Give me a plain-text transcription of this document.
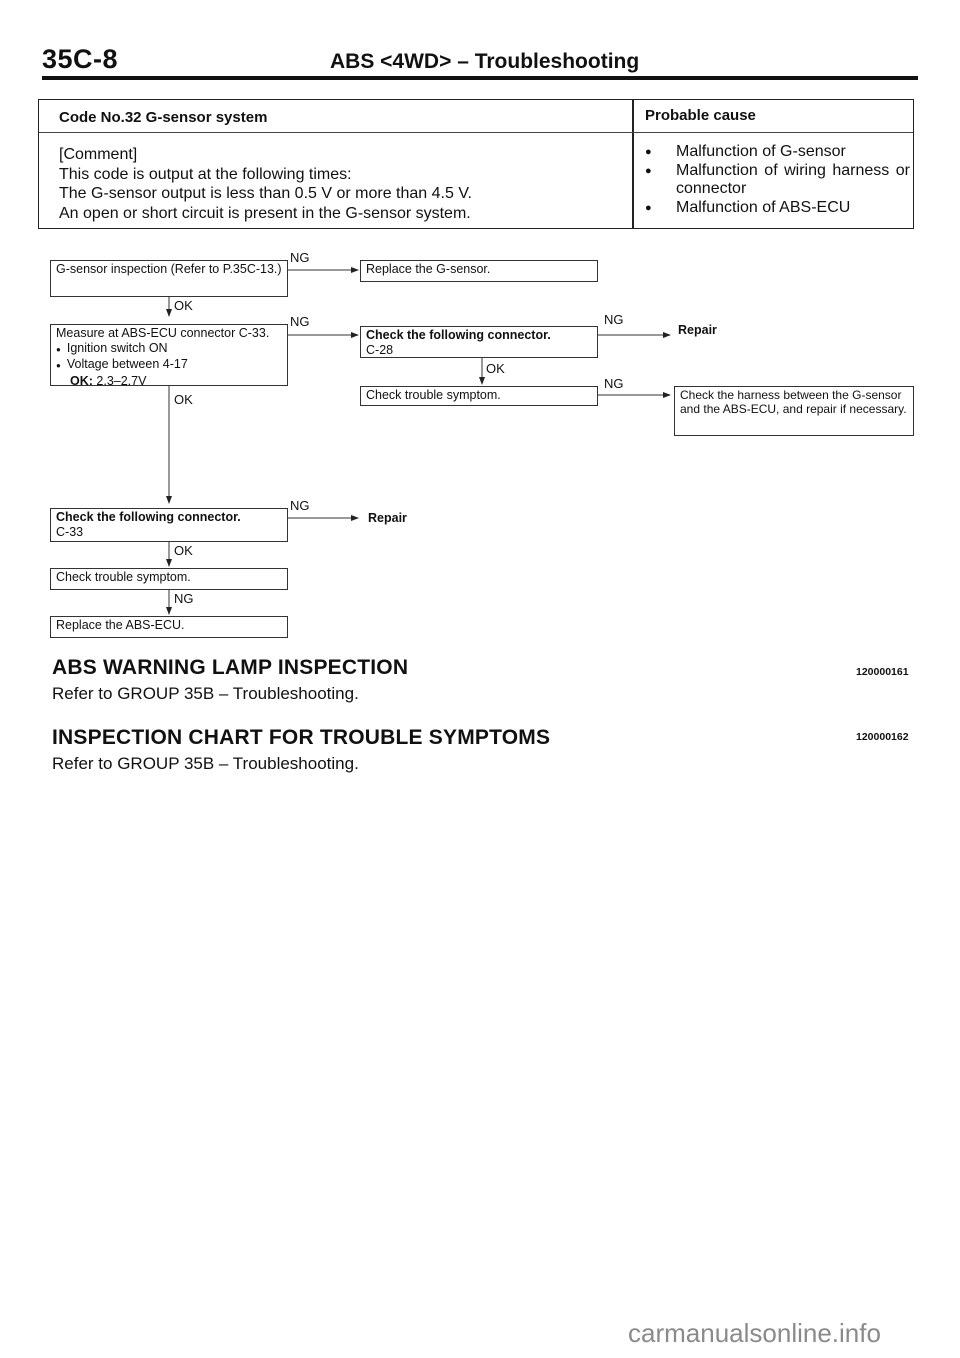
35C-8	ABS <4WD> – Troubleshooting
Code No.32 G-sensor system	Probable cause
[Comment]
This code is output at the following times:
The G-sensor output is less than 0.5 V or more than 4.5 V.
An open or short circuit is present in the G-sensor system.
●	Malfunction of G-sensor
●	Malfunction of wiring harness or connector
●	Malfunction of ABS-ECU
G-sensor inspection (Refer to P.35C-13.)	Replace the G-sensor.
Measure at ABS-ECU connector C-33.
● Ignition switch ON
● Voltage between 4-17
OK: 2.3–2.7V
Check the following connector.
C-28
Check trouble symptom.	Check the harness between the G-sensor and the ABS-ECU, and repair if necessary.
Check the following connector.
C-33
Check trouble symptom.
Replace the ABS-ECU.
NG
OK
NG	NG
Repair
OK
NG
OK
NG
Repair
OK
NG
ABS WARNING LAMP INSPECTION	120000161
Refer to GROUP 35B – Troubleshooting.
INSPECTION CHART FOR TROUBLE SYMPTOMS	120000162
Refer to GROUP 35B – Troubleshooting.
carmanualsonline.info
